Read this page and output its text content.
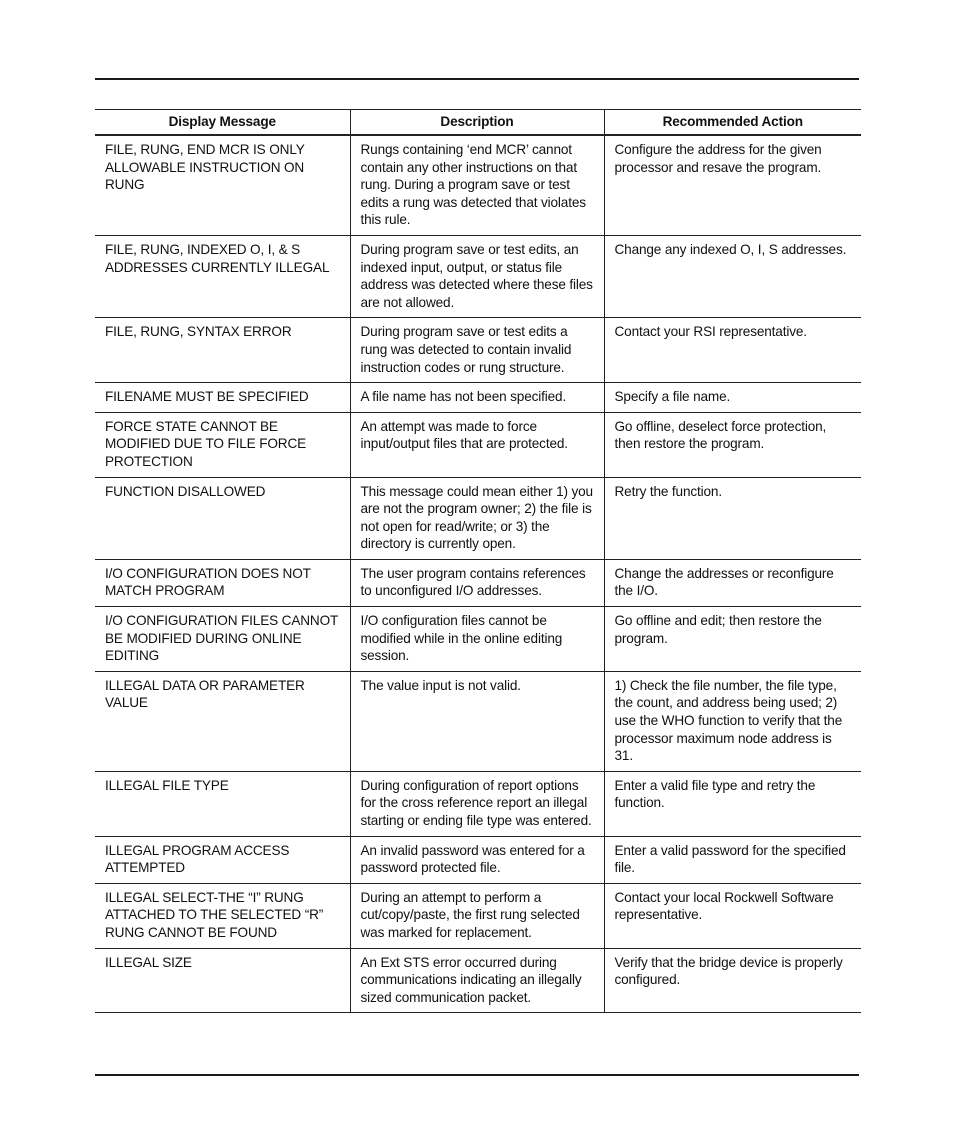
Display Message	Description	Recommended Action
FILE, RUNG, END MCR IS ONLY ALLOWABLE INSTRUCTION ON RUNG	Rungs containing ‘end MCR’ cannot contain any other instructions on that rung. During a program save or test edits a rung was detected that violates this rule.	Configure the address for the given processor and resave the program.
FILE, RUNG, INDEXED O, I, & S ADDRESSES CURRENTLY ILLEGAL	During program save or test edits, an indexed input, output, or status file address was detected where these files are not allowed.	Change any indexed O, I, S addresses.
FILE, RUNG, SYNTAX ERROR	During program save or test edits a rung was detected to contain invalid instruction codes or rung structure.	Contact your RSI representative.
FILENAME MUST BE SPECIFIED	A file name has not been specified.	Specify a file name.
FORCE STATE CANNOT BE MODIFIED DUE TO FILE FORCE PROTECTION	An attempt was made to force input/output files that are protected.	Go offline, deselect force protection, then restore the program.
FUNCTION DISALLOWED	This message could mean either 1) you are not the program owner; 2) the file is not open for read/write; or 3) the directory is currently open.	Retry the function.
I/O CONFIGURATION DOES NOT MATCH PROGRAM	The user program contains references to unconfigured I/O addresses.	Change the addresses or reconfigure the I/O.
I/O CONFIGURATION FILES CANNOT BE MODIFIED DURING ONLINE EDITING	I/O configuration files cannot be modified while in the online editing session.	Go offline and edit; then restore the program.
ILLEGAL DATA OR PARAMETER VALUE	The value input is not valid.	1) Check the file number, the file type, the count, and address being used; 2) use the WHO function to verify that the processor maximum node address is 31.
ILLEGAL FILE TYPE	During configuration of report options for the cross reference report an illegal starting or ending file type was entered.	Enter a valid file type and retry the function.
ILLEGAL PROGRAM ACCESS ATTEMPTED	An invalid password was entered for a password protected file.	Enter a valid password for the specified file.
ILLEGAL SELECT-THE “I” RUNG ATTACHED TO THE SELECTED “R” RUNG CANNOT BE FOUND	During an attempt to perform a cut/copy/paste, the first rung selected was marked for replacement.	Contact your local Rockwell Software representative.
ILLEGAL SIZE	An Ext STS error occurred during communications indicating an illegally sized communication packet.	Verify that the bridge device is properly configured.
